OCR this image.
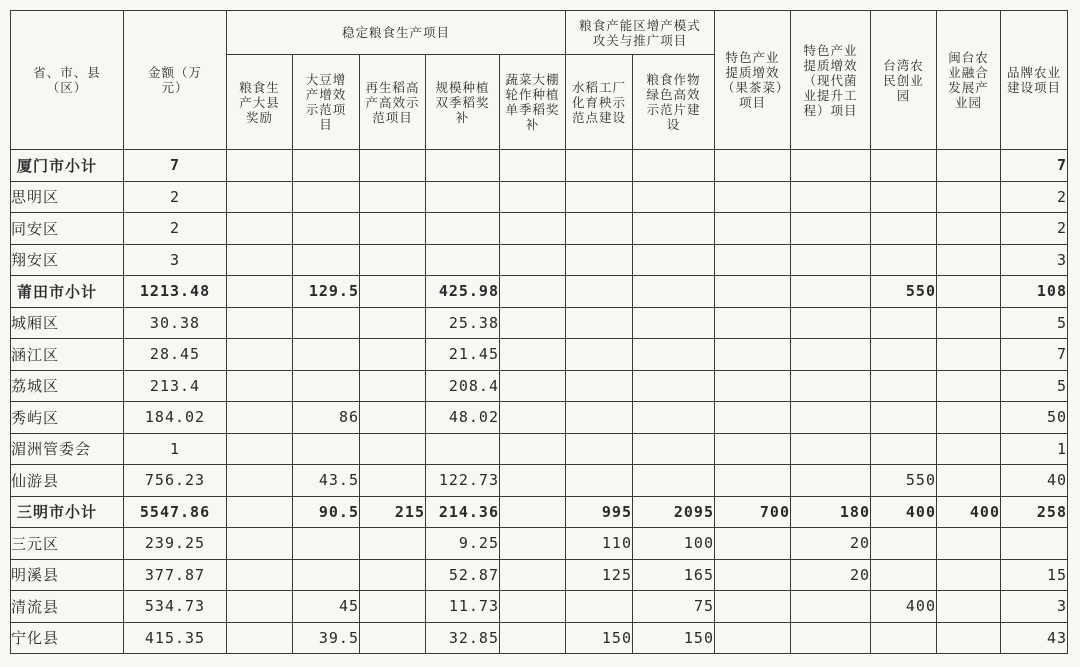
省、市、县（区）	金额（万元）	稳定粮食生产项目					粮食产能区增产模式攻关与推广项目		特色产业提质增效（果茶菜）项目	特色产业提质增效（现代菌业提升工程）项目	台湾农民创业园	闽台农业融合发展产业园	品牌农业建设项目
		粮食生产大县奖励	大豆增产增效示范项目	再生稻高产高效示范项目	规模种植双季稻奖补	蔬菜大棚轮作种植单季稻奖补	水稻工厂化育秧示范点建设	粮食作物绿色高效示范片建设					
厦门市小计	7												7
思明区	2												2
同安区	2												2
翔安区	3												3
莆田市小计	1213.48		129.5		425.98						550		108
城厢区	30.38				25.38								5
涵江区	28.45				21.45								7
荔城区	213.4				208.4								5
秀屿区	184.02		86		48.02								50
湄洲管委会	1												1
仙游县	756.23		43.5		122.73						550		40
三明市小计	5547.86		90.5	215	214.36		995	2095	700	180	400	400	258
三元区	239.25				9.25		110	100		20			
明溪县	377.87				52.87		125	165		20			15
清流县	534.73		45		11.73			75			400		3
宁化县	415.35		39.5		32.85		150	150					43
